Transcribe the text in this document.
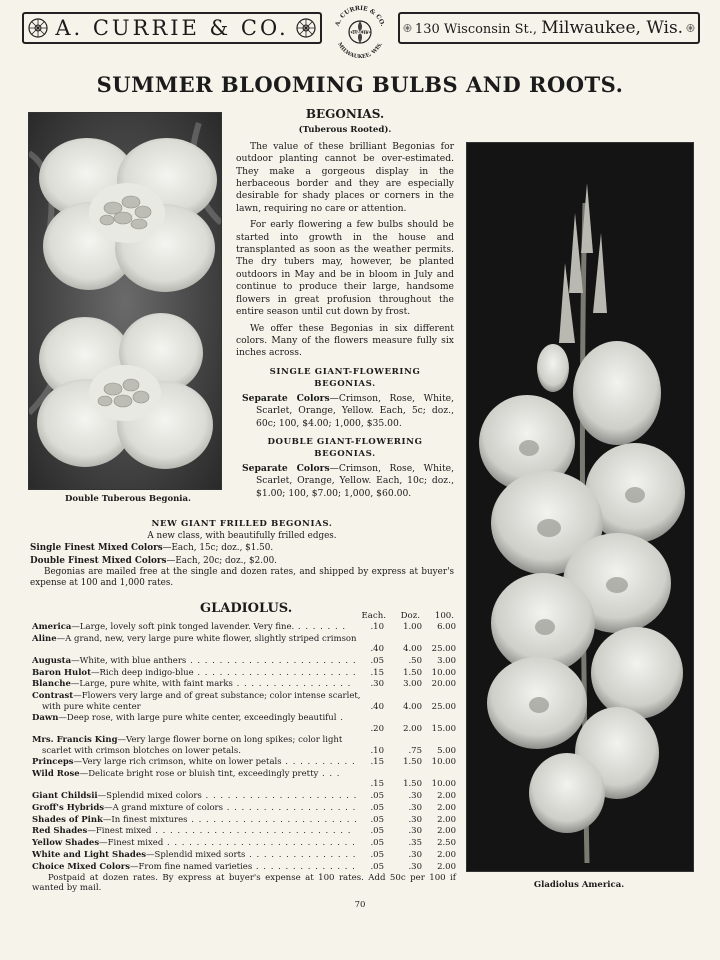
A. CURRIE & CO.	A. CURRIE & CO.
MILWAUKEE, WIS.
QUALITY	130 Wisconsin St., Milwaukee, Wis.
SUMMER BLOOMING BULBS AND ROOTS.
Double Tuberous Begonia.
Gladiolus America.
BEGONIAS.
(Tuberous Rooted).

The value of these brilliant Begonias for outdoor planting cannot be over-estimated. They make a gorgeous display in the herbaceous border and they are especially desirable for shady places or corners in the lawn, requiring no care or attention.

For early flowering a few bulbs should be started into growth in the house and transplanted as soon as the weather permits. The dry tubers may, however, be planted outdoors in May and be in bloom in July and continue to produce their large, handsome flowers in great profusion throughout the entire season until cut down by frost.

We offer these Begonias in six different colors. Many of the flowers measure fully six inches across.

SINGLE GIANT-FLOWERING BEGONIAS.
Separate Colors—Crimson, Rose, White, Scarlet, Orange, Yellow. Each, 5c; doz., 60c; 100, $4.00; 1,000, $35.00.
DOUBLE GIANT-FLOWERING BEGONIAS.
Separate Colors—Crimson, Rose, White, Scarlet, Orange, Yellow. Each, 10c; doz., $1.00; 100, $7.00; 1,000, $60.00.
NEW GIANT FRILLED BEGONIAS.
A new class, with beautifully frilled edges.
Single Finest Mixed Colors—Each, 15c; doz., $1.50.
Double Finest Mixed Colors—Each, 20c; doz., $2.00.
Begonias are mailed free at the single and dozen rates, and shipped by express at buyer's expense at 100 and 1,000 rates.
GLADIOLUS.	Each.	Doz.	100.
America—Large, lovely soft pink tonged lavender. Very fine. . . . . . . .	.10	1.00	6.00
Aline—A grand, new, very large pure white flower, slightly striped crimson
.40	4.00	25.00
Augusta—White, with blue anthers . . . . . . . . . . . . . . . . . . . . . . .	.05	.50	3.00
Baron Hulot—Rich deep indigo-blue . . . . . . . . . . . . . . . . . . . . . .	.15	1.50	10.00
Blanche—Large, pure white, with faint marks . . . . . . . . . . . . . . . .	.30	3.00	20.00
Contrast—Flowers very large and of great substance; color intense scarlet, with pure white center	.40	4.00	25.00
Dawn—Deep rose, with large pure white center, exceedingly beautiful .
.20	2.00	15.00
Mrs. Francis King—Very large flower borne on long spikes; color light scarlet with crimson blotches on lower petals.	.10	.75	5.00
Princeps—Very large rich crimson, white on lower petals . . . . . . . . . .	.15	1.50	10.00
Wild Rose—Delicate bright rose or bluish tint, exceedingly pretty . . .
.15	1.50	10.00
Giant Childsii—Splendid mixed colors . . . . . . . . . . . . . . . . . . . . .	.05	.30	2.00
Groff's Hybrids—A grand mixture of colors . . . . . . . . . . . . . . . . . .	.05	.30	2.00
Shades of Pink—In finest mixtures . . . . . . . . . . . . . . . . . . . . . . .	.05	.30	2.00
Red Shades—Finest mixed . . . . . . . . . . . . . . . . . . . . . . . . . . .	.05	.30	2.00
Yellow Shades—Finest mixed . . . . . . . . . . . . . . . . . . . . . . . . . .	.05	.35	2.50
White and Light Shades—Splendid mixed sorts . . . . . . . . . . . . . . .	.05	.30	2.00
Choice Mixed Colors—From fine named varieties . . . . . . . . . . . . . .	.05	.30	2.00
Postpaid at dozen rates. By express at buyer's expense at 100 rates. Add 50c per 100 if wanted by mail.
70
